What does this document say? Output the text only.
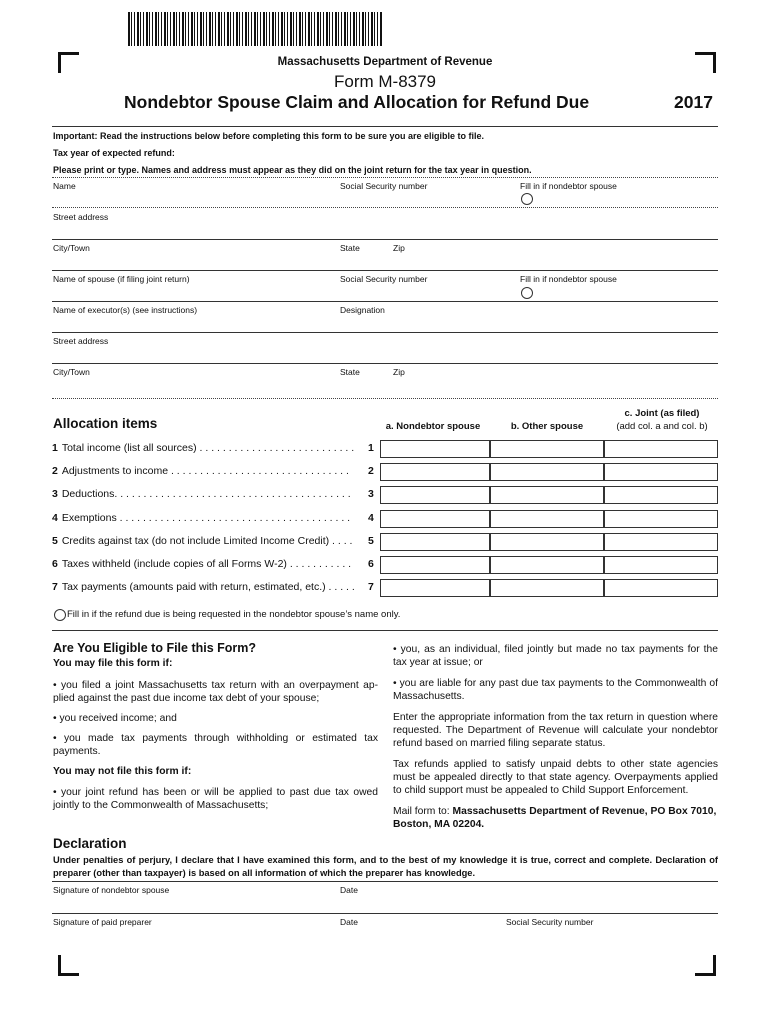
Massachusetts Department of Revenue
Form M-8379
Nondebtor Spouse Claim and Allocation for Refund Due	2017
Important: Read the instructions below before completing this form to be sure you are eligible to file.
Tax year of expected refund:
Please print or type. Names and address must appear as they did on the joint return for the tax year in question.
Name	Social Security number	Fill in if nondebtor spouse
Street address
City/Town	State	Zip
Name of spouse (if filing joint return)	Social Security number	Fill in if nondebtor spouse
Name of executor(s) (see instructions)	Designation
Street address
City/Town	State	Zip
Allocation items	a. Nondebtor spouse	b. Other spouse
c. Joint (as filed)
(add col. a and col. b)
1 Total income (list all sources) . . . . . . . . . . . . . . . . . . . . . . . . . . .	1
2 Adjustments to income . . . . . . . . . . . . . . . . . . . . . . . . . . . . . . .	2
3 Deductions. . . . . . . . . . . . . . . . . . . . . . . . . . . . . . . . . . . . . . . . .	3
4 Exemptions . . . . . . . . . . . . . . . . . . . . . . . . . . . . . . . . . . . . . . . .	4
5 Credits against tax (do not include Limited Income Credit) . . . .	5
6 Taxes withheld (include copies of all Forms W-2) . . . . . . . . . . .	6
7 Tax payments (amounts paid with return, estimated, etc.) . . . . .	7
Fill in if the refund due is being requested in the nondebtor spouse’s name only.
Are You Eligible to File this Form?
You may file this form if:
• you filed a joint Massachusetts tax return with an overpayment applied against the past due income tax debt of your spouse;
• you received income; and
• you made tax payments through withholding or estimated tax payments.
You may not file this form if:
• your joint refund has been or will be applied to past due tax owed jointly to the Commonwealth of Massachusetts;
• you, as an individual, filed jointly but made no tax payments for the tax year at issue; or
• you are liable for any past due tax payments to the Commonwealth of Massachusetts.
Enter the appropriate information from the tax return in question where requested. The Department of Revenue will calculate your nondebtor refund based on married filing separate status.
Tax refunds applied to satisfy unpaid debts to other state agencies must be appealed directly to that state agency. Overpayments applied to child support must be appealed to Child Support Enforcement.
Mail form to: Massachusetts Department of Revenue, PO Box 7010, Boston, MA 02204.
Declaration
Under penalties of perjury, I declare that I have examined this form, and to the best of my knowledge it is true, correct and complete. Declaration of preparer (other than taxpayer) is based on all information of which the preparer has knowledge.
Signature of nondebtor spouse	Date
Signature of paid preparer	Date	Social Security number
